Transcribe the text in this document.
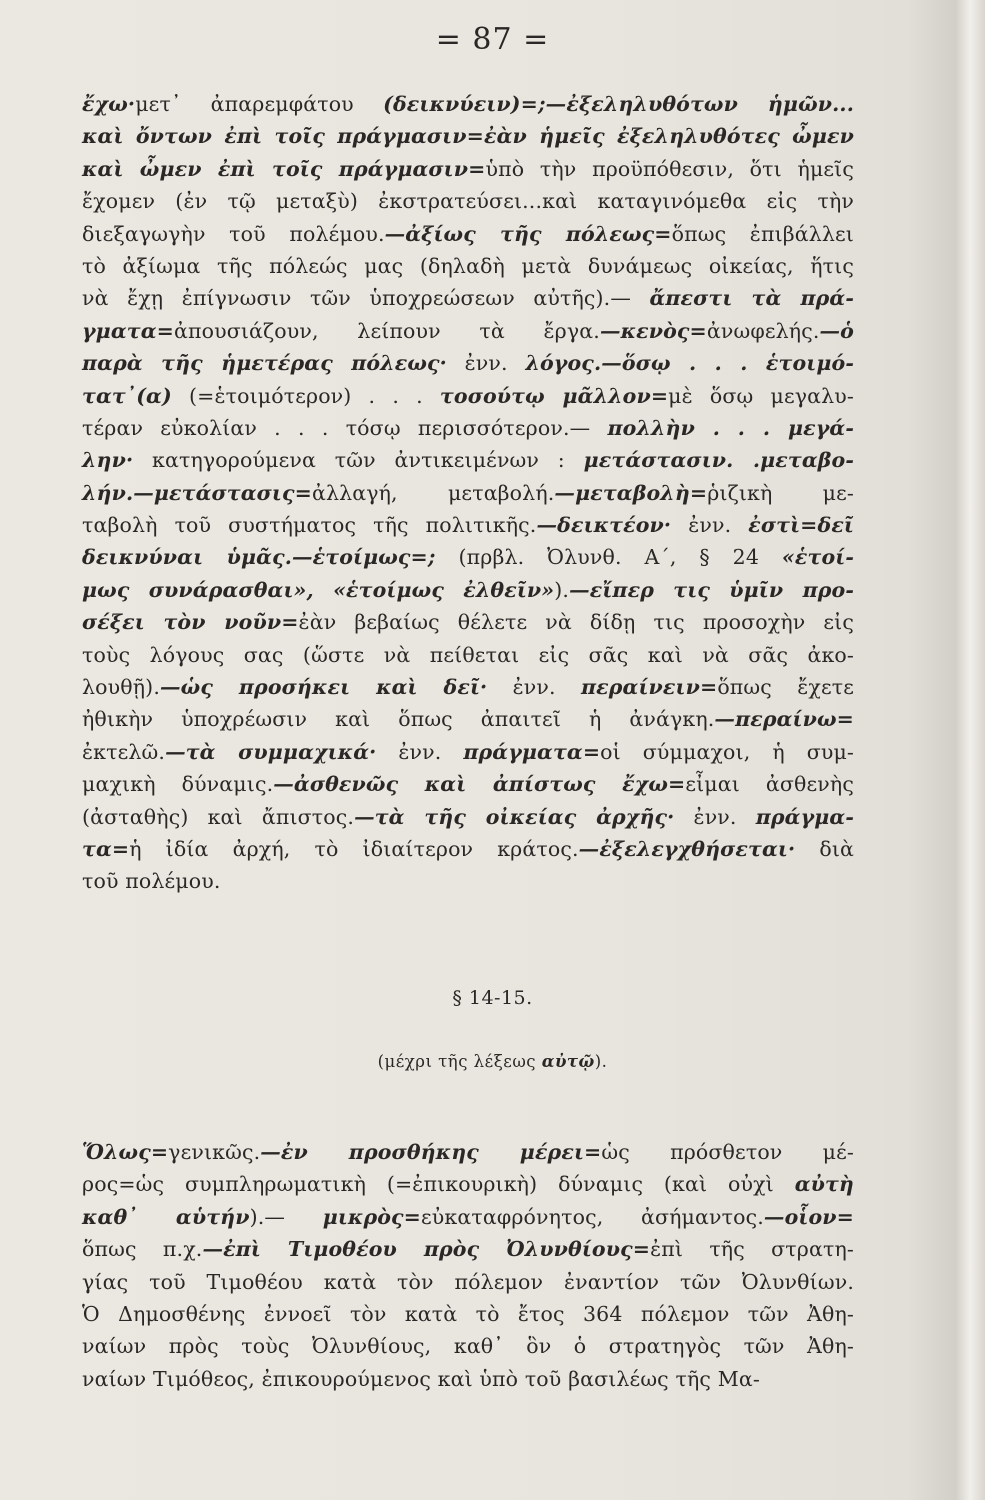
= 87 =
ἔχω·μετ᾽ ἀπαρεμφάτου (δεικνύειν)=;—ἐξεληλυθότων ἡμῶν...
καὶ ὄντων ἐπὶ τοῖς πράγμασιν=ἐὰν ἡμεῖς ἐξεληλυθότες ὦμεν
καὶ ὦμεν ἐπὶ τοῖς πράγμασιν=ὑπὸ τὴν προϋπόθεσιν, ὅτι ἡμεῖς
ἔχομεν (ἐν τῷ μεταξὺ) ἐκστρατεύσει...καὶ καταγινόμεθα εἰς τὴν
διεξαγωγὴν τοῦ πολέμου.—ἀξίως τῆς πόλεως=ὅπως ἐπιβάλλει
τὸ ἀξίωμα τῆς πόλεώς μας (δηλαδὴ μετὰ δυνάμεως οἰκείας, ἥτις
νὰ ἔχῃ ἐπίγνωσιν τῶν ὑποχρεώσεων αὐτῆς).— ἄπεστι τὰ πρά-
γματα=ἀπουσιάζουν, λείπουν τὰ ἔργα.—κενὸς=ἀνωφελής.—ὁ
παρὰ τῆς ἡμετέρας πόλεως· ἐνν. λόγος.—ὅσῳ . . . ἑτοιμό-
τατ᾽(α) (=ἑτοιμότερον) . . . τοσούτῳ μᾶλλον=μὲ ὅσῳ μεγαλυ-
τέραν εὐκολίαν . . . τόσῳ περισσότερον.— πολλὴν . . . μεγά-
λην· κατηγορούμενα τῶν ἀντικειμένων : μετάστασιν. .μεταβο-
λήν.—μετάστασις=ἀλλαγή, μεταβολή.—μεταβολὴ=ῥιζικὴ με-
ταβολὴ τοῦ συστήματος τῆς πολιτικῆς.—δεικτέον· ἐνν. ἐστὶ=δεῖ
δεικνύναι ὑμᾶς.—ἑτοίμως=; (πρβλ. Ὀλυνθ. Α΄, § 24 «ἑτοί-
μως συνάρασθαι», «ἑτοίμως ἐλθεῖν»).—εἴπερ τις ὑμῖν προ-
σέξει τὸν νοῦν=ἐὰν βεβαίως θέλετε νὰ δίδῃ τις προσοχὴν εἰς
τοὺς λόγους σας (ὥστε νὰ πείθεται εἰς σᾶς καὶ νὰ σᾶς ἀκο-
λουθῇ).—ὡς προσήκει καὶ δεῖ· ἐνν. περαίνειν=ὅπως ἔχετε
ἠθικὴν ὑποχρέωσιν καὶ ὅπως ἀπαιτεῖ ἡ ἀνάγκη.—περαίνω=
ἐκτελῶ.—τὰ συμμαχικά· ἐνν. πράγματα=οἱ σύμμαχοι, ἡ συμ-
μαχικὴ δύναμις.—ἀσθενῶς καὶ ἀπίστως ἔχω=εἶμαι ἀσθενὴς
(ἀσταθὴς) καὶ ἄπιστος.—τὰ τῆς οἰκείας ἀρχῆς· ἐνν. πράγμα-
τα=ἡ ἰδία ἀρχή, τὸ ἰδιαίτερον κράτος.—ἐξελεγχθήσεται· διὰ
τοῦ πολέμου.
§ 14-15.
(μέχρι τῆς λέξεως αὐτῷ).
Ὅλως=γενικῶς.—ἐν προσθήκης μέρει=ὡς πρόσθετον μέ-
ρος=ὡς συμπληρωματικὴ (=ἐπικουρικὴ) δύναμις (καὶ οὐχὶ αὐτὴ
καθ᾽ αὑτήν).— μικρὸς=εὐκαταφρόνητος, ἀσήμαντος.—οἷον=
ὅπως π.χ.—ἐπὶ Τιμοθέου πρὸς Ὀλυνθίους=ἐπὶ τῆς στρατη-
γίας τοῦ Τιμοθέου κατὰ τὸν πόλεμον ἐναντίον τῶν Ὀλυνθίων.
Ὁ Δημοσθένης ἐννοεῖ τὸν κατὰ τὸ ἔτος 364 πόλεμον τῶν Ἀθη-
ναίων πρὸς τοὺς Ὀλυνθίους, καθ᾽ ὃν ὁ στρατηγὸς τῶν Ἀθη-
ναίων Τιμόθεος, ἐπικουρούμενος καὶ ὑπὸ τοῦ βασιλέως τῆς Μα-
